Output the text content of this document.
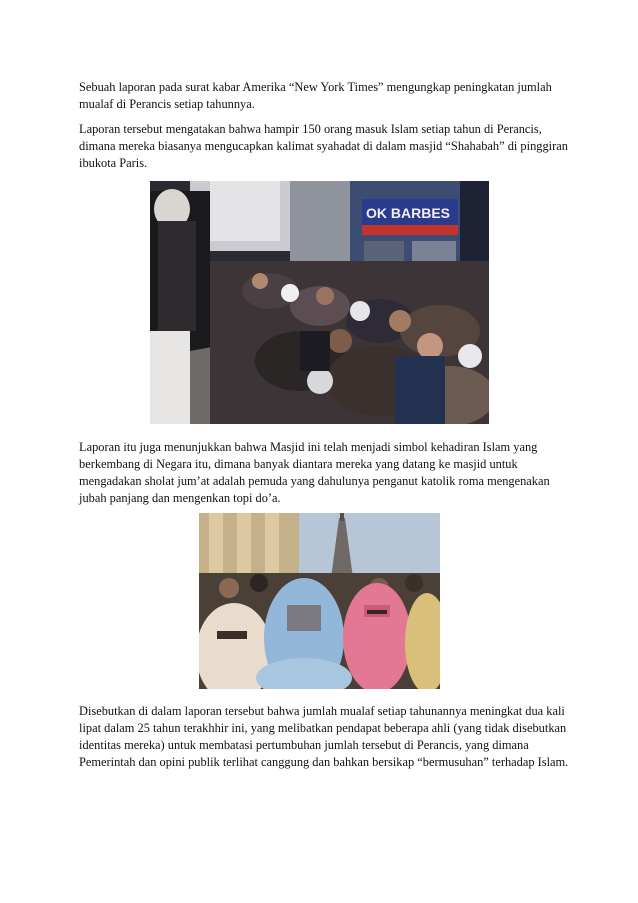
Sebuah laporan pada surat kabar Amerika “New York Times” mengungkap peningkatan jumlah mualaf di Perancis setiap tahunnya.

Laporan tersebut mengatakan bahwa hampir 150 orang masuk Islam setiap tahun di Perancis, dimana mereka biasanya mengucapkan kalimat syahadat di dalam masjid “Shahabah” di pinggiran ibukota Paris.

OK BARBES

Laporan itu juga menunjukkan bahwa Masjid ini telah menjadi simbol kehadiran Islam yang berkembang di Negara itu, dimana banyak diantara mereka yang datang ke masjid untuk mengadakan sholat jum’at adalah pemuda yang dahulunya penganut katolik roma mengenakan jubah panjang dan mengenkan topi do’a.

Disebutkan di dalam laporan tersebut bahwa jumlah mualaf setiap tahunannya meningkat dua kali lipat dalam 25 tahun terakhhir ini, yang melibatkan pendapat beberapa ahli (yang tidak disebutkan identitas mereka) untuk membatasi pertumbuhan jumlah tersebut di Perancis, yang dimana Pemerintah dan opini publik terlihat canggung dan bahkan bersikap “bermusuhan” terhadap Islam.
